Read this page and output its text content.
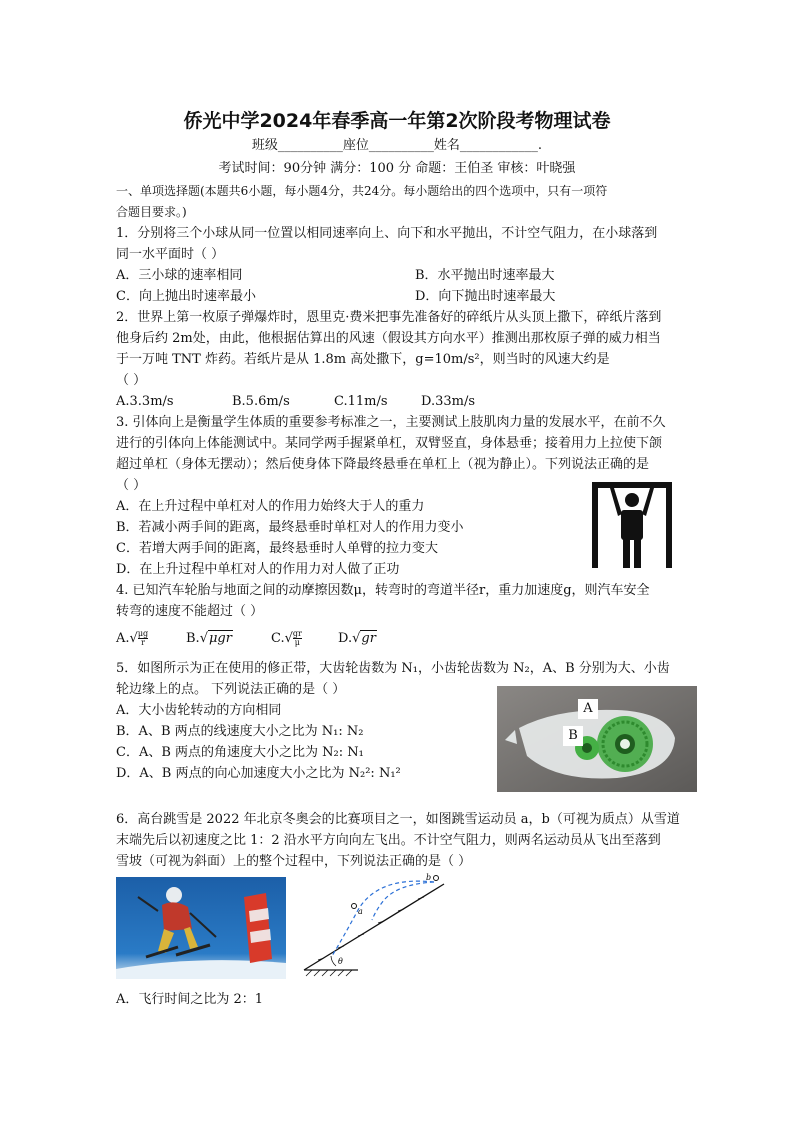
侨光中学2024年春季高一年第2次阶段考物理试卷
班级__________座位__________姓名____________.
考试时间：90分钟 满分：100 分 命题：王伯圣 审核：叶晓强
一、单项选择题(本题共6小题，每小题4分，共24分。每小题给出的四个选项中，只有一项符
合题目要求。)
1．分别将三个小球从同一位置以相同速率向上、向下和水平抛出，不计空气阻力，在小球落到
同一水平面时（ ）
A．三小球的速率相同	B．水平抛出时速率最大
C．向上抛出时速率最小	D．向下抛出时速率最大
2．世界上第一枚原子弹爆炸时，恩里克·费米把事先准备好的碎纸片从头顶上撒下，碎纸片落到
他身后约 2m处，由此，他根据估算出的风速（假设其方向水平）推测出那枚原子弹的威力相当
于一万吨 TNT 炸药。若纸片是从 1.8m 高处撒下，g=10m/s²，则当时的风速大约是
（ ）
A.3.3m/s	B.5.6m/s	C.11m/s	D.33m/s
3. 引体向上是衡量学生体质的重要参考标准之一，主要测试上肢肌肉力量的发展水平，在前不久
进行的引体向上体能测试中。某同学两手握紧单杠，双臂竖直，身体悬垂；接着用力上拉使下颌
超过单杠（身体无摆动）；然后使身体下降最终悬垂在单杠上（视为静止）。下列说法正确的是
（ ）
A．在上升过程中单杠对人的作用力始终大于人的重力
B．若减小两手间的距离，最终悬垂时单杠对人的作用力变小
C．若增大两手间的距离，最终悬垂时人单臂的拉力变大
D．在上升过程中单杠对人的作用力对人做了正功
4. 已知汽车轮胎与地面之间的动摩擦因数μ，转弯时的弯道半径r，重力加速度g，则汽车安全
转弯的速度不能超过（ ）
$A.√ \frac{\mu g}{r}$	B.√μgr	$C.√ \frac{gr}{\mu}$	D.√gr
5．如图所示为正在使用的修正带，大齿轮齿数为 N₁，小齿轮齿数为 N₂，A、B 分别为大、小齿
轮边缘上的点。 下列说法正确的是（ ）
A．大小齿轮转动的方向相同
B．A、B 两点的线速度大小之比为 N₁: N₂
C．A、B 两点的角速度大小之比为 N₂: N₁
D．A、B 两点的向心加速度大小之比为 N₂²: N₁²
A
B
6．高台跳雪是 2022 年北京冬奥会的比赛项目之一，如图跳雪运动员 a，b（可视为质点）从雪道
末端先后以初速度之比 1：2 沿水平方向向左飞出。不计空气阻力，则两名运动员从飞出至落到
雪坡（可视为斜面）上的整个过程中，下列说法正确的是（ ）
a
b
θ
A．飞行时间之比为 2：1
